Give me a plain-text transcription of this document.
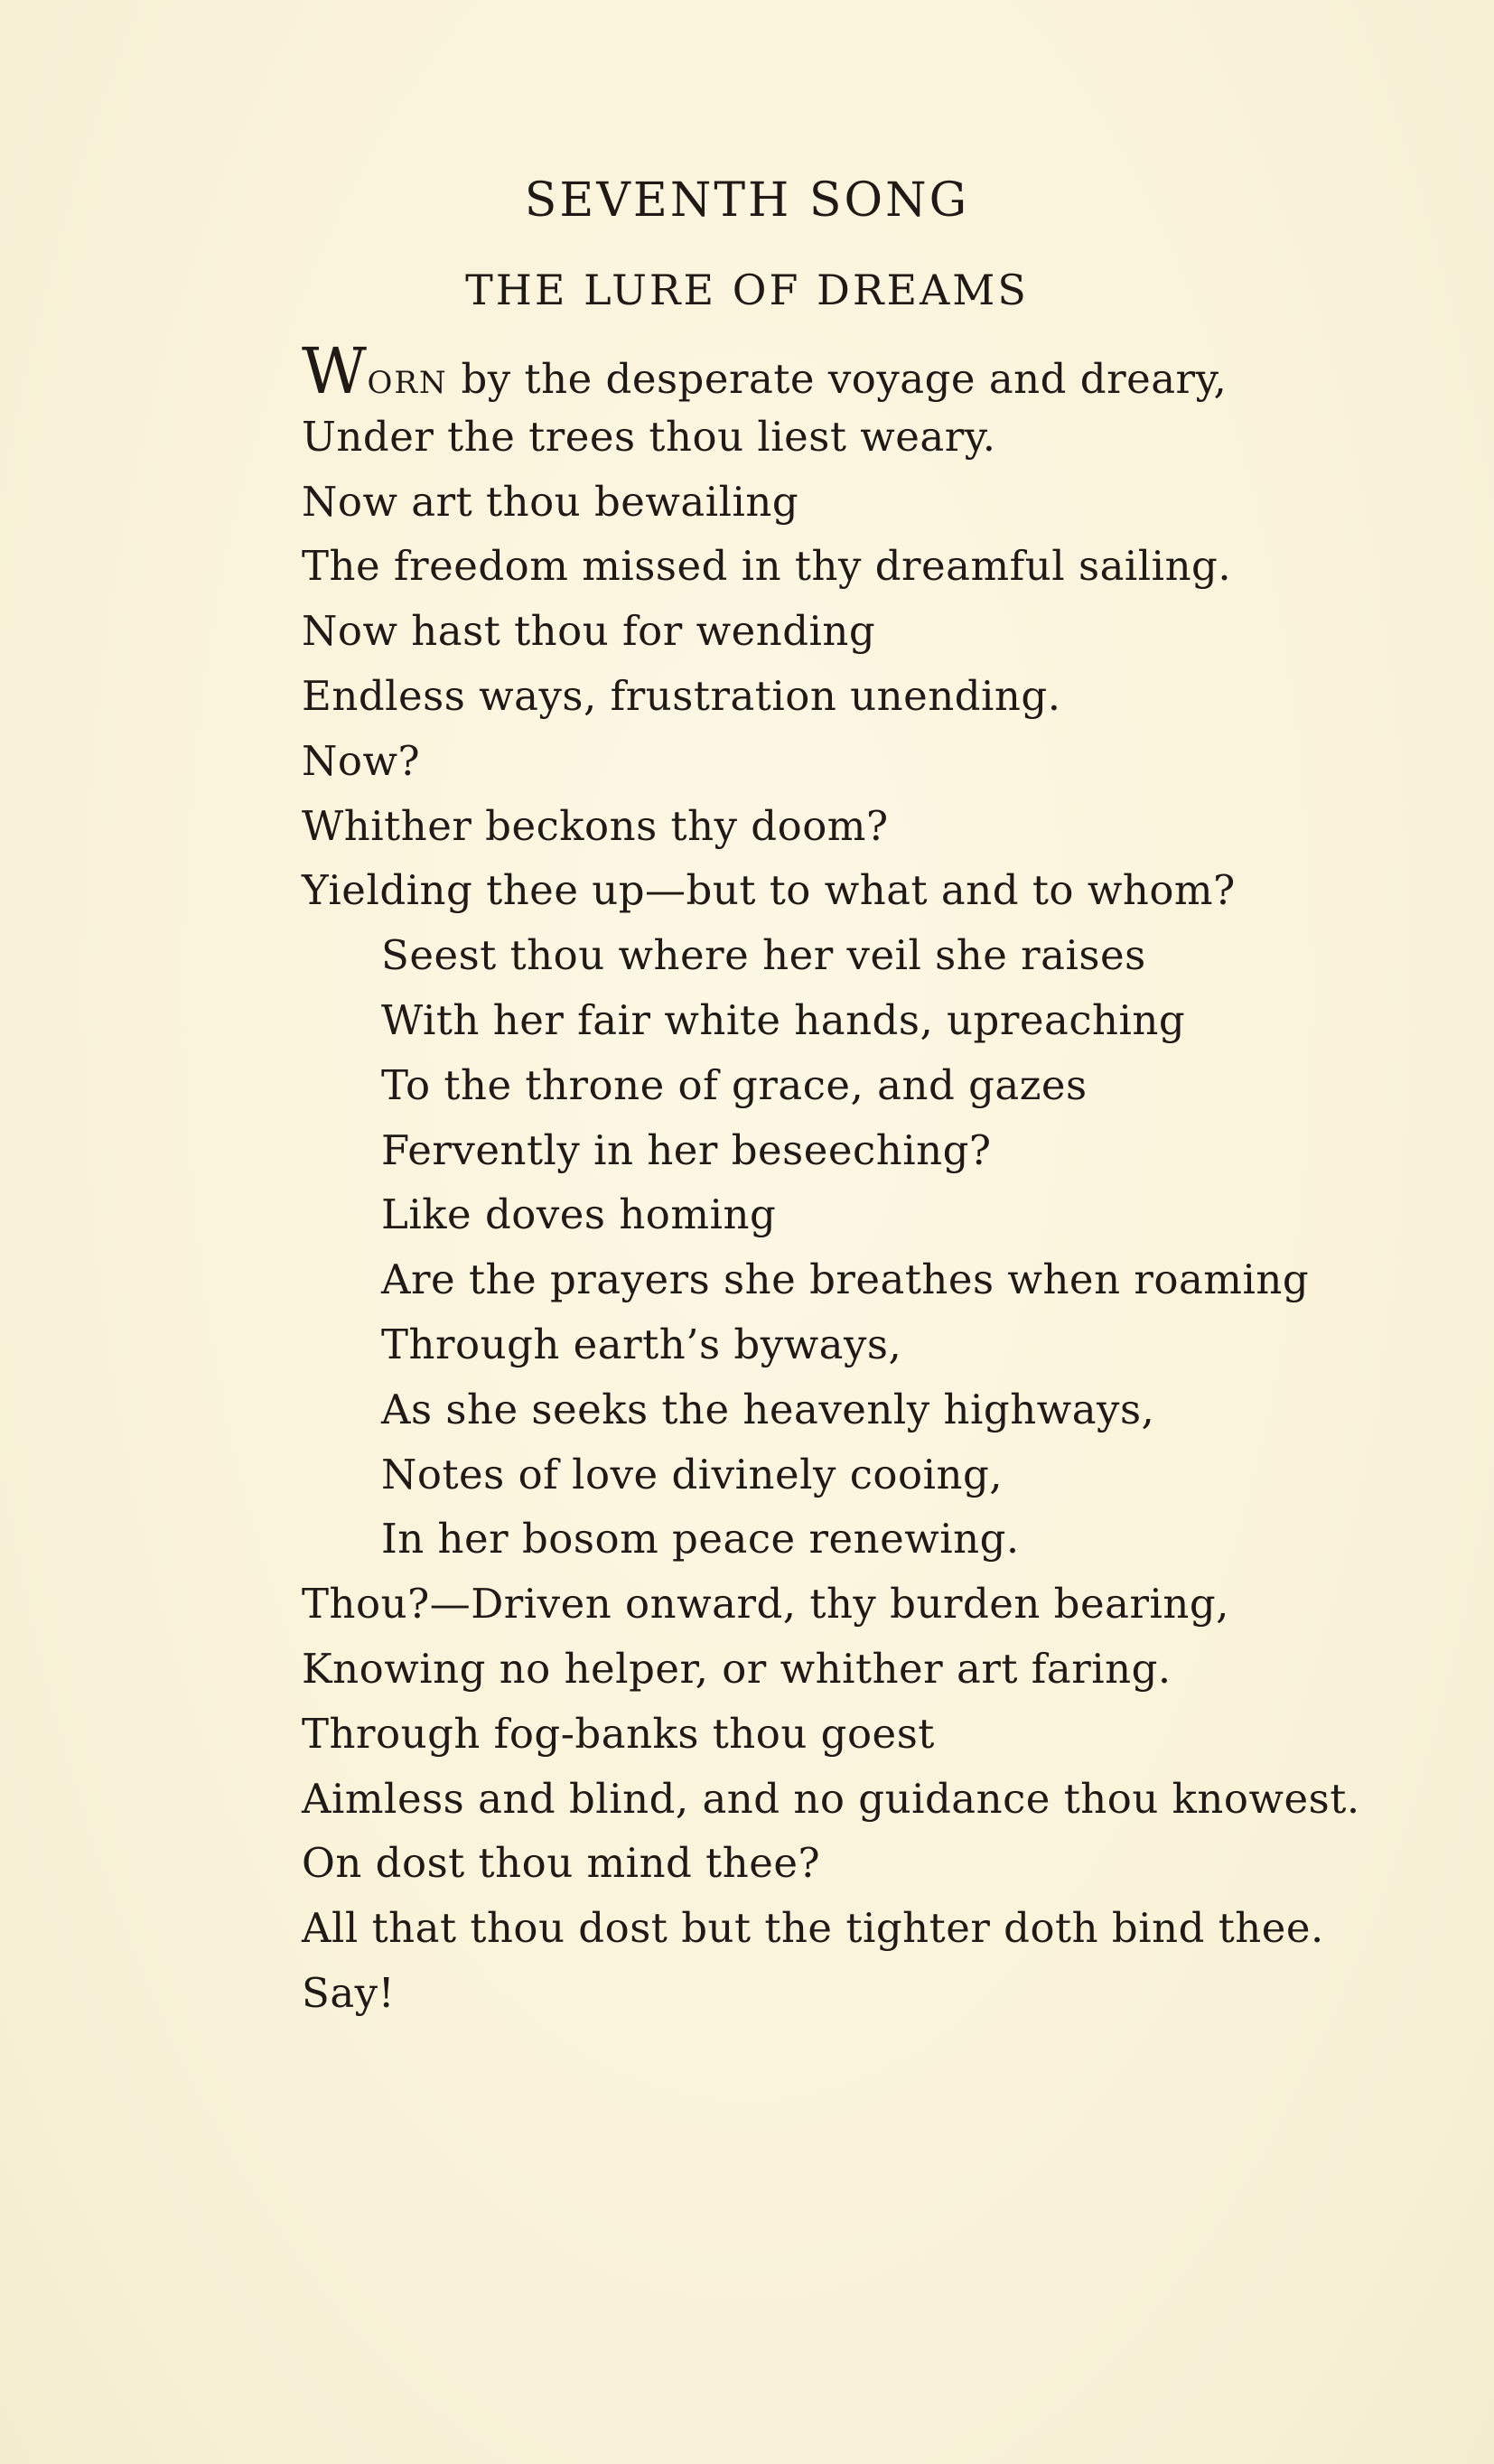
SEVENTH SONG
THE LURE OF DREAMS
WORN by the desperate voyage and dreary,
Under the trees thou liest weary.
Now art thou bewailing
The freedom missed in thy dreamful sailing.
Now hast thou for wending
Endless ways, frustration unending.
Now?
Whither beckons thy doom?
Yielding thee up—but to what and to whom?
Seest thou where her veil she raises
With her fair white hands, upreaching
To the throne of grace, and gazes
Fervently in her beseeching?
Like doves homing
Are the prayers she breathes when roaming
Through earth’s byways,
As she seeks the heavenly highways,
Notes of love divinely cooing,
In her bosom peace renewing.
Thou?—Driven onward, thy burden bearing,
Knowing no helper, or whither art faring.
Through fog-banks thou goest
Aimless and blind, and no guidance thou knowest.
On dost thou mind thee?
All that thou dost but the tighter doth bind thee.
Say!
